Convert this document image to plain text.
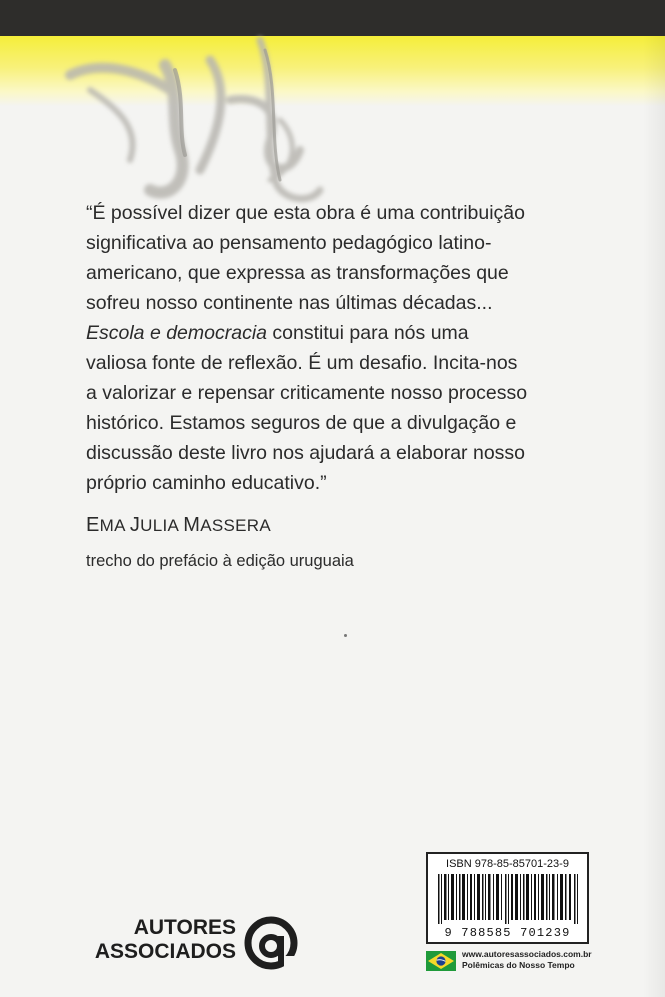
“É possível dizer que esta obra é uma contribuição
significativa ao pensamento pedagógico latino-
americano, que expressa as transformações que
sofreu nosso continente nas últimas décadas...
Escola e democracia constitui para nós uma
valiosa fonte de reflexão. É um desafio. Incita-nos
a valorizar e repensar criticamente nosso processo
histórico. Estamos seguros de que a divulgação e
discussão deste livro nos ajudará a elaborar nosso
próprio caminho educativo.”

EMA JULIA MASSERA
trecho do prefácio à edição uruguaia
AUTORES
ASSOCIADOS
ISBN 978-85-85701-23-9
9 788585 701239
www.autoresassociados.com.br
Polêmicas do Nosso Tempo
